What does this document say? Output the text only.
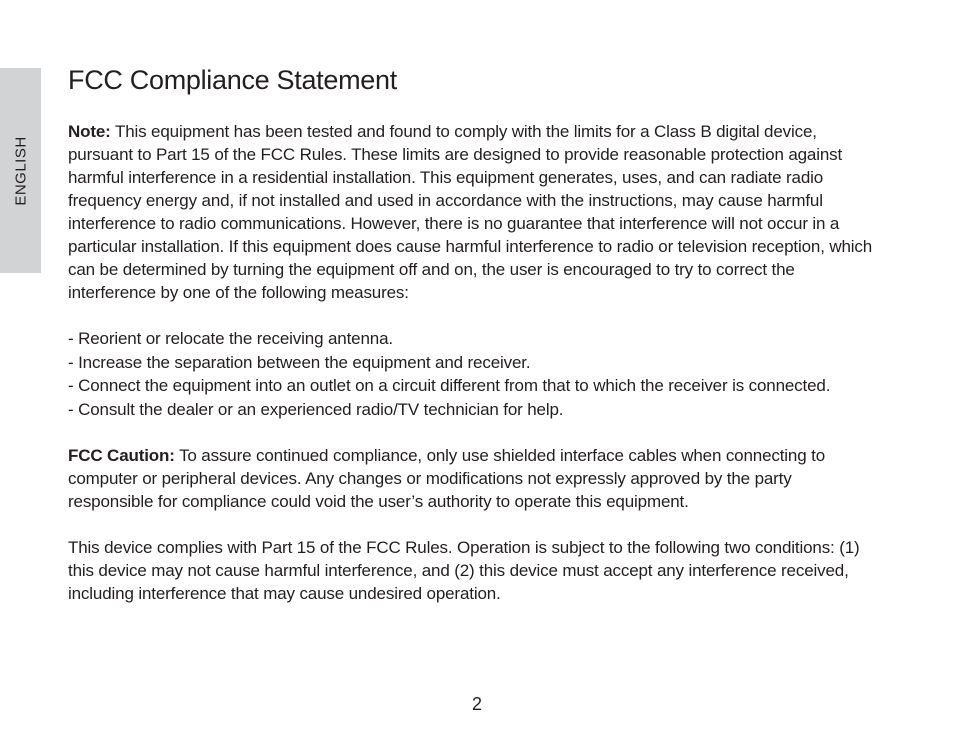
ENGLISH
FCC Compliance Statement

Note: This equipment has been tested and found to comply with the limits for a Class B digital device, pursuant to Part 15 of the FCC Rules. These limits are designed to provide reasonable protection against harmful interference in a residential installation. This equipment generates, uses, and can radiate radio frequency energy and, if not installed and used in accordance with the instructions, may cause harmful interference to radio communications. However, there is no guarantee that interference will not occur in a particular installation. If this equipment does cause harmful interference to radio or television reception, which can be determined by turning the equipment off and on, the user is encouraged to try to correct the interference by one of the following measures:

- Reorient or relocate the receiving antenna.
- Increase the separation between the equipment and receiver.
- Connect the equipment into an outlet on a circuit different from that to which the receiver is connected.
- Consult the dealer or an experienced radio/TV technician for help.

FCC Caution: To assure continued compliance, only use shielded interface cables when connecting to computer or peripheral devices. Any changes or modifications not expressly approved by the party responsible for compliance could void the user’s authority to operate this equipment.

This device complies with Part 15 of the FCC Rules. Operation is subject to the following two conditions: (1) this device may not cause harmful interference, and (2) this device must accept any interference received, including interference that may cause undesired operation.

2
